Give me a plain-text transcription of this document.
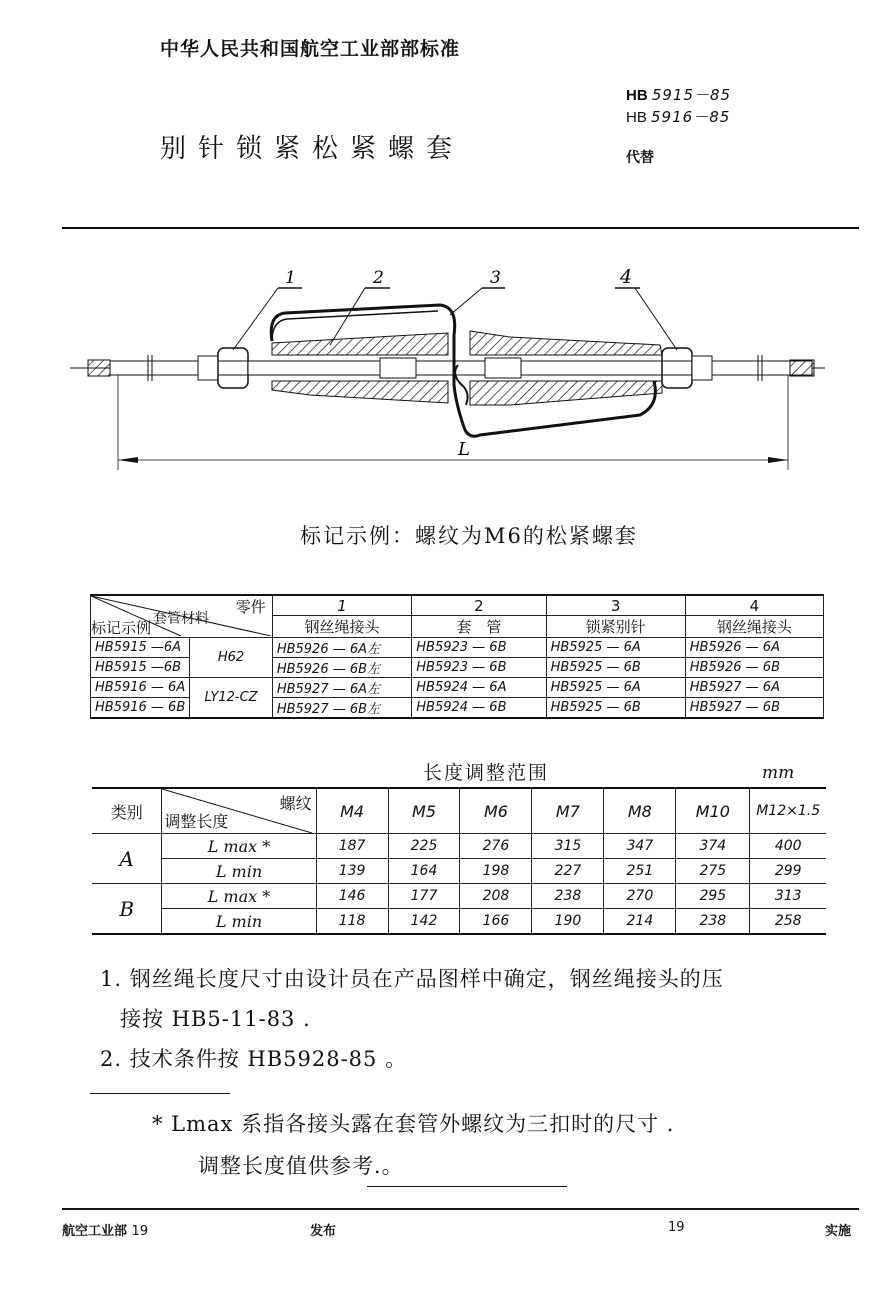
中华人民共和国航空工业部部标准
HB 5915－85
HB 5916－85
代替
别针锁紧松紧螺套
1	2	3	4
L
标记示例：螺纹为M6的松紧螺套
零件
套管材料
标记示例		1	2	3	4
		钢丝绳接头	套　管	锁紧别针	钢丝绳接头
HB5915 —6A	H62	HB5926 — 6A左	HB5923 — 6B	HB5925 — 6A	HB5926 — 6A
HB5915 —6B		HB5926 — 6B左	HB5923 — 6B	HB5925 — 6B	HB5926 — 6B
HB5916 — 6A	LY12-CZ	HB5927 — 6A左	HB5924 — 6A	HB5925 — 6A	HB5927 — 6A
HB5916 — 6B		HB5927 — 6B左	HB5924 — 6B	HB5925 — 6B	HB5927 — 6B
长度调整范围	mm
类别	螺纹
调整长度	M4	M5	M6	M7	M8	M10	M12×1.5
A	L max *	187	225	276	315	347	374	400
	L min	139	164	198	227	251	275	299
B	L max *	146	177	208	238	270	295	313
	L min	118	142	166	190	214	238	258
1. 钢丝绳长度尺寸由设计员在产品图样中确定，钢丝绳接头的压
接按 HB5-11-83 .
2. 技术条件按 HB5928-85 。
* Lmax 系指各接头露在套管外螺纹为三扣时的尺寸 .
调整长度值供参考.。
航空工业部 19	发布	19	实施
